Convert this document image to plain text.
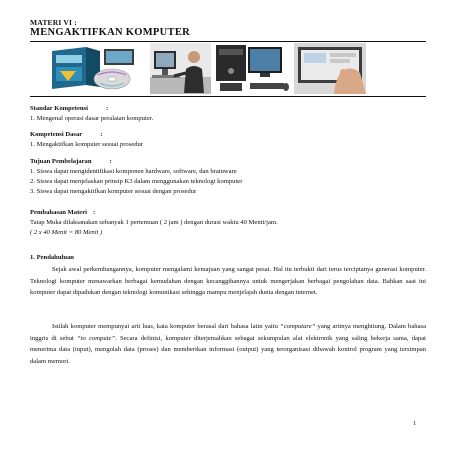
MATERI VI :
MENGAKTIFKAN KOMPUTER
Standar Kompetensi	:
1. Mengenal operasi dasar peralatan komputer.
Kompetensi Dasar	:
1. Mengaktifkan komputer sesuai prosedur
Tujuan Pembelajaran	:
1. Siswa dapat mengidentifikasi komponen hardware, software, dan brainware
2. Siswa dapat menjelaskan prinsip K3 dalam menggunakan teknologi komputer
3. Siswa dapat mengaktifkan komputer sesuai dengan prosedur
Pembahasan Materi :
Tatap Muka dilaksanakan sebanyak 1 pertemuan ( 2 jam ) dengan durasi waktu 40 Menit/jam.
( 2 x 40 Menit = 80 Menit )
1. Pendahuluan
Sejak awal perkembangannya, komputer mengalami kemajuan yang sangat pesat. Hal itu terbukti dari terus terciptanya generasi komputer. Teknologi komputer menawarkan berbagai kemudahan dengan kecanggihannya untuk mengerjakan berbagai pengolahan data. Bahkan saat ini komputer dapat dipadukan dengan teknologi komunikasi sehingga mampu menjelajah dunia dengan internet.
Istilah komputer mempunyai arti luas, kata komputer berasal dari bahasa latin yaitu “computare” yang artinya menghitung. Dalam bahasa inggris di sebut “to compute”. Secara definisi, komputer diterjemahkan sebagai sekumpulan alat elektronik yang saling bekerja sama, dapat menerima data (input), mengolah data (proses) dan memberikan informasi (output) yang terorganisasi dibawah kontrol program yang tersimpan dalam memori.
1
